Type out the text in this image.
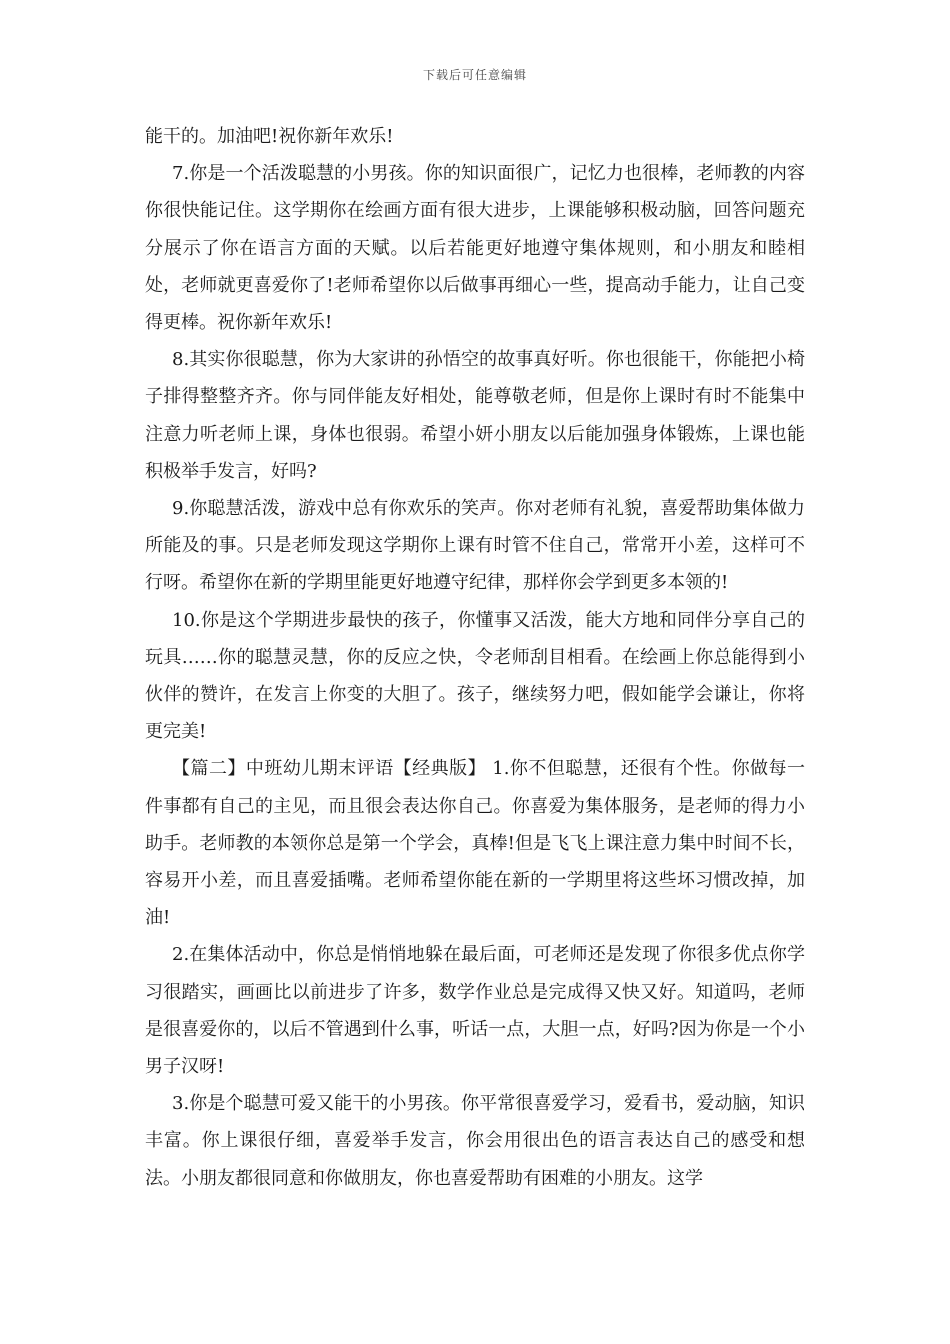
下载后可任意编辑

能干的。加油吧!祝你新年欢乐!

7.你是一个活泼聪慧的小男孩。你的知识面很广，记忆力也很棒，老师教的内容你很快能记住。这学期你在绘画方面有很大进步，上课能够积极动脑，回答问题充分展示了你在语言方面的天赋。以后若能更好地遵守集体规则，和小朋友和睦相处，老师就更喜爱你了!老师希望你以后做事再细心一些，提高动手能力，让自己变得更棒。祝你新年欢乐!

8.其实你很聪慧，你为大家讲的孙悟空的故事真好听。你也很能干，你能把小椅子排得整整齐齐。你与同伴能友好相处，能尊敬老师，但是你上课时有时不能集中注意力听老师上课，身体也很弱。希望小妍小朋友以后能加强身体锻炼，上课也能积极举手发言，好吗?

9.你聪慧活泼，游戏中总有你欢乐的笑声。你对老师有礼貌，喜爱帮助集体做力所能及的事。只是老师发现这学期你上课有时管不住自己，常常开小差，这样可不行呀。希望你在新的学期里能更好地遵守纪律，那样你会学到更多本领的!

10.你是这个学期进步最快的孩子，你懂事又活泼，能大方地和同伴分享自己的玩具……你的聪慧灵慧，你的反应之快，令老师刮目相看。在绘画上你总能得到小伙伴的赞许，在发言上你变的大胆了。孩子，继续努力吧，假如能学会谦让，你将更完美!

【篇二】中班幼儿期末评语【经典版】 1.你不但聪慧，还很有个性。你做每一件事都有自己的主见，而且很会表达你自己。你喜爱为集体服务，是老师的得力小助手。老师教的本领你总是第一个学会，真棒!但是飞飞上课注意力集中时间不长，容易开小差，而且喜爱插嘴。老师希望你能在新的一学期里将这些坏习惯改掉，加油!

2.在集体活动中，你总是悄悄地躲在最后面，可老师还是发现了你很多优点你学习很踏实，画画比以前进步了许多，数学作业总是完成得又快又好。知道吗，老师是很喜爱你的，以后不管遇到什么事，听话一点，大胆一点，好吗?因为你是一个小男子汉呀!

3.你是个聪慧可爱又能干的小男孩。你平常很喜爱学习，爱看书，爱动脑，知识丰富。你上课很仔细，喜爱举手发言，你会用很出色的语言表达自己的感受和想法。小朋友都很同意和你做朋友，你也喜爱帮助有困难的小朋友。这学
